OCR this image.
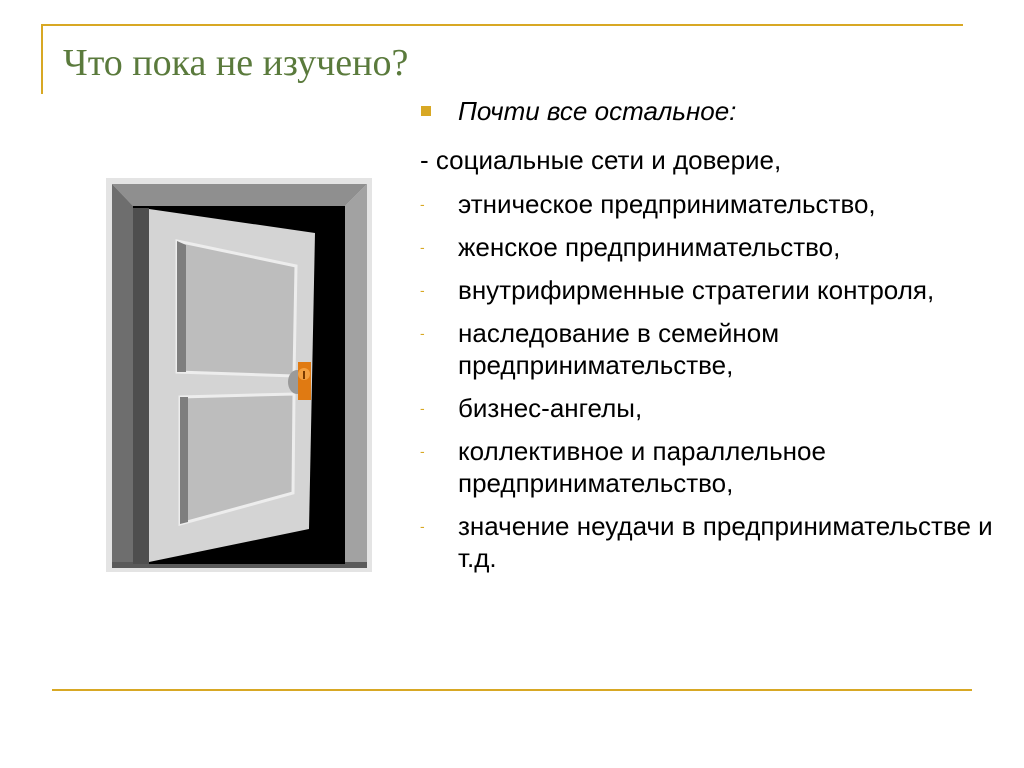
Что пока не изучено?
Почти все остальное:
- социальные сети и доверие,
- этническое предпринимательство,
- женское предпринимательство,
- внутрифирменные стратегии контроля,
- наследование в семейном предпринимательстве,
- бизнес-ангелы,
- коллективное и параллельное предпринимательство,
- значение неудачи в предпринимательстве и т.д.
